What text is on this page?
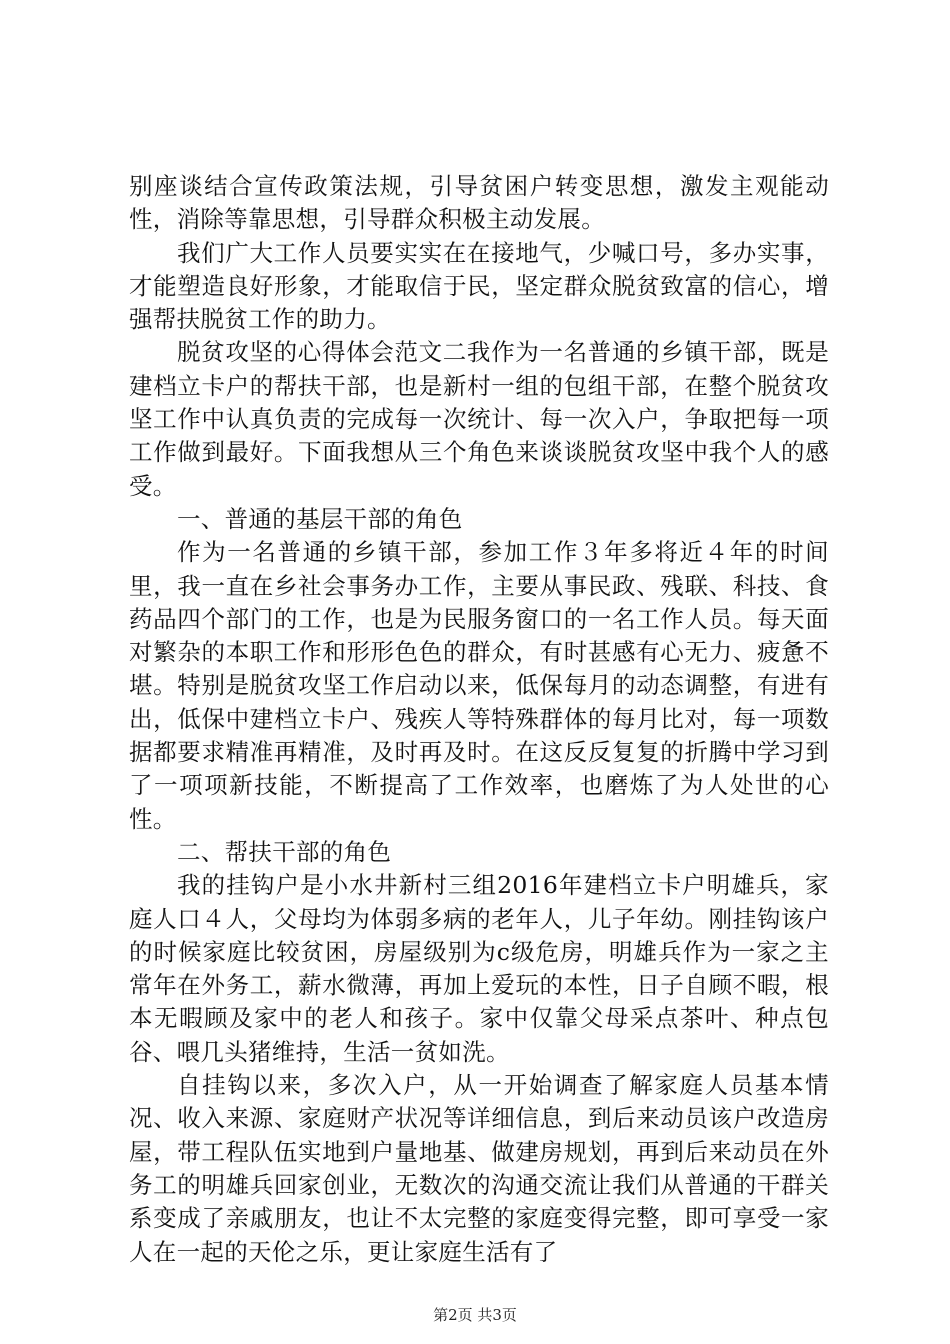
别座谈结合宣传政策法规，引导贫困户转变思想，激发主观能动性，消除等靠思想，引导群众积极主动发展。

我们广大工作人员要实实在在接地气，少喊口号，多办实事，才能塑造良好形象，才能取信于民，坚定群众脱贫致富的信心，增强帮扶脱贫工作的助力。

脱贫攻坚的心得体会范文二我作为一名普通的乡镇干部，既是建档立卡户的帮扶干部，也是新村一组的包组干部，在整个脱贫攻坚工作中认真负责的完成每一次统计、每一次入户，争取把每一项工作做到最好。下面我想从三个角色来谈谈脱贫攻坚中我个人的感受。

一、普通的基层干部的角色

作为一名普通的乡镇干部，参加工作３年多将近４年的时间里，我一直在乡社会事务办工作，主要从事民政、残联、科技、食药品四个部门的工作，也是为民服务窗口的一名工作人员。每天面对繁杂的本职工作和形形色色的群众，有时甚感有心无力、疲惫不堪。特别是脱贫攻坚工作启动以来，低保每月的动态调整，有进有出，低保中建档立卡户、残疾人等特殊群体的每月比对，每一项数据都要求精准再精准，及时再及时。在这反反复复的折腾中学习到了一项项新技能，不断提高了工作效率，也磨炼了为人处世的心性。

二、帮扶干部的角色

我的挂钩户是小水井新村三组2016年建档立卡户明雄兵，家庭人口４人，父母均为体弱多病的老年人，儿子年幼。刚挂钩该户的时候家庭比较贫困，房屋级别为c级危房，明雄兵作为一家之主常年在外务工，薪水微薄，再加上爱玩的本性，日子自顾不暇，根本无暇顾及家中的老人和孩子。家中仅靠父母采点茶叶、种点包谷、喂几头猪维持，生活一贫如洗。

自挂钩以来，多次入户，从一开始调查了解家庭人员基本情况、收入来源、家庭财产状况等详细信息，到后来动员该户改造房屋，带工程队伍实地到户量地基、做建房规划，再到后来动员在外务工的明雄兵回家创业，无数次的沟通交流让我们从普通的干群关系变成了亲戚朋友，也让不太完整的家庭变得完整，即可享受一家人在一起的天伦之乐，更让家庭生活有了

第2页 共3页
